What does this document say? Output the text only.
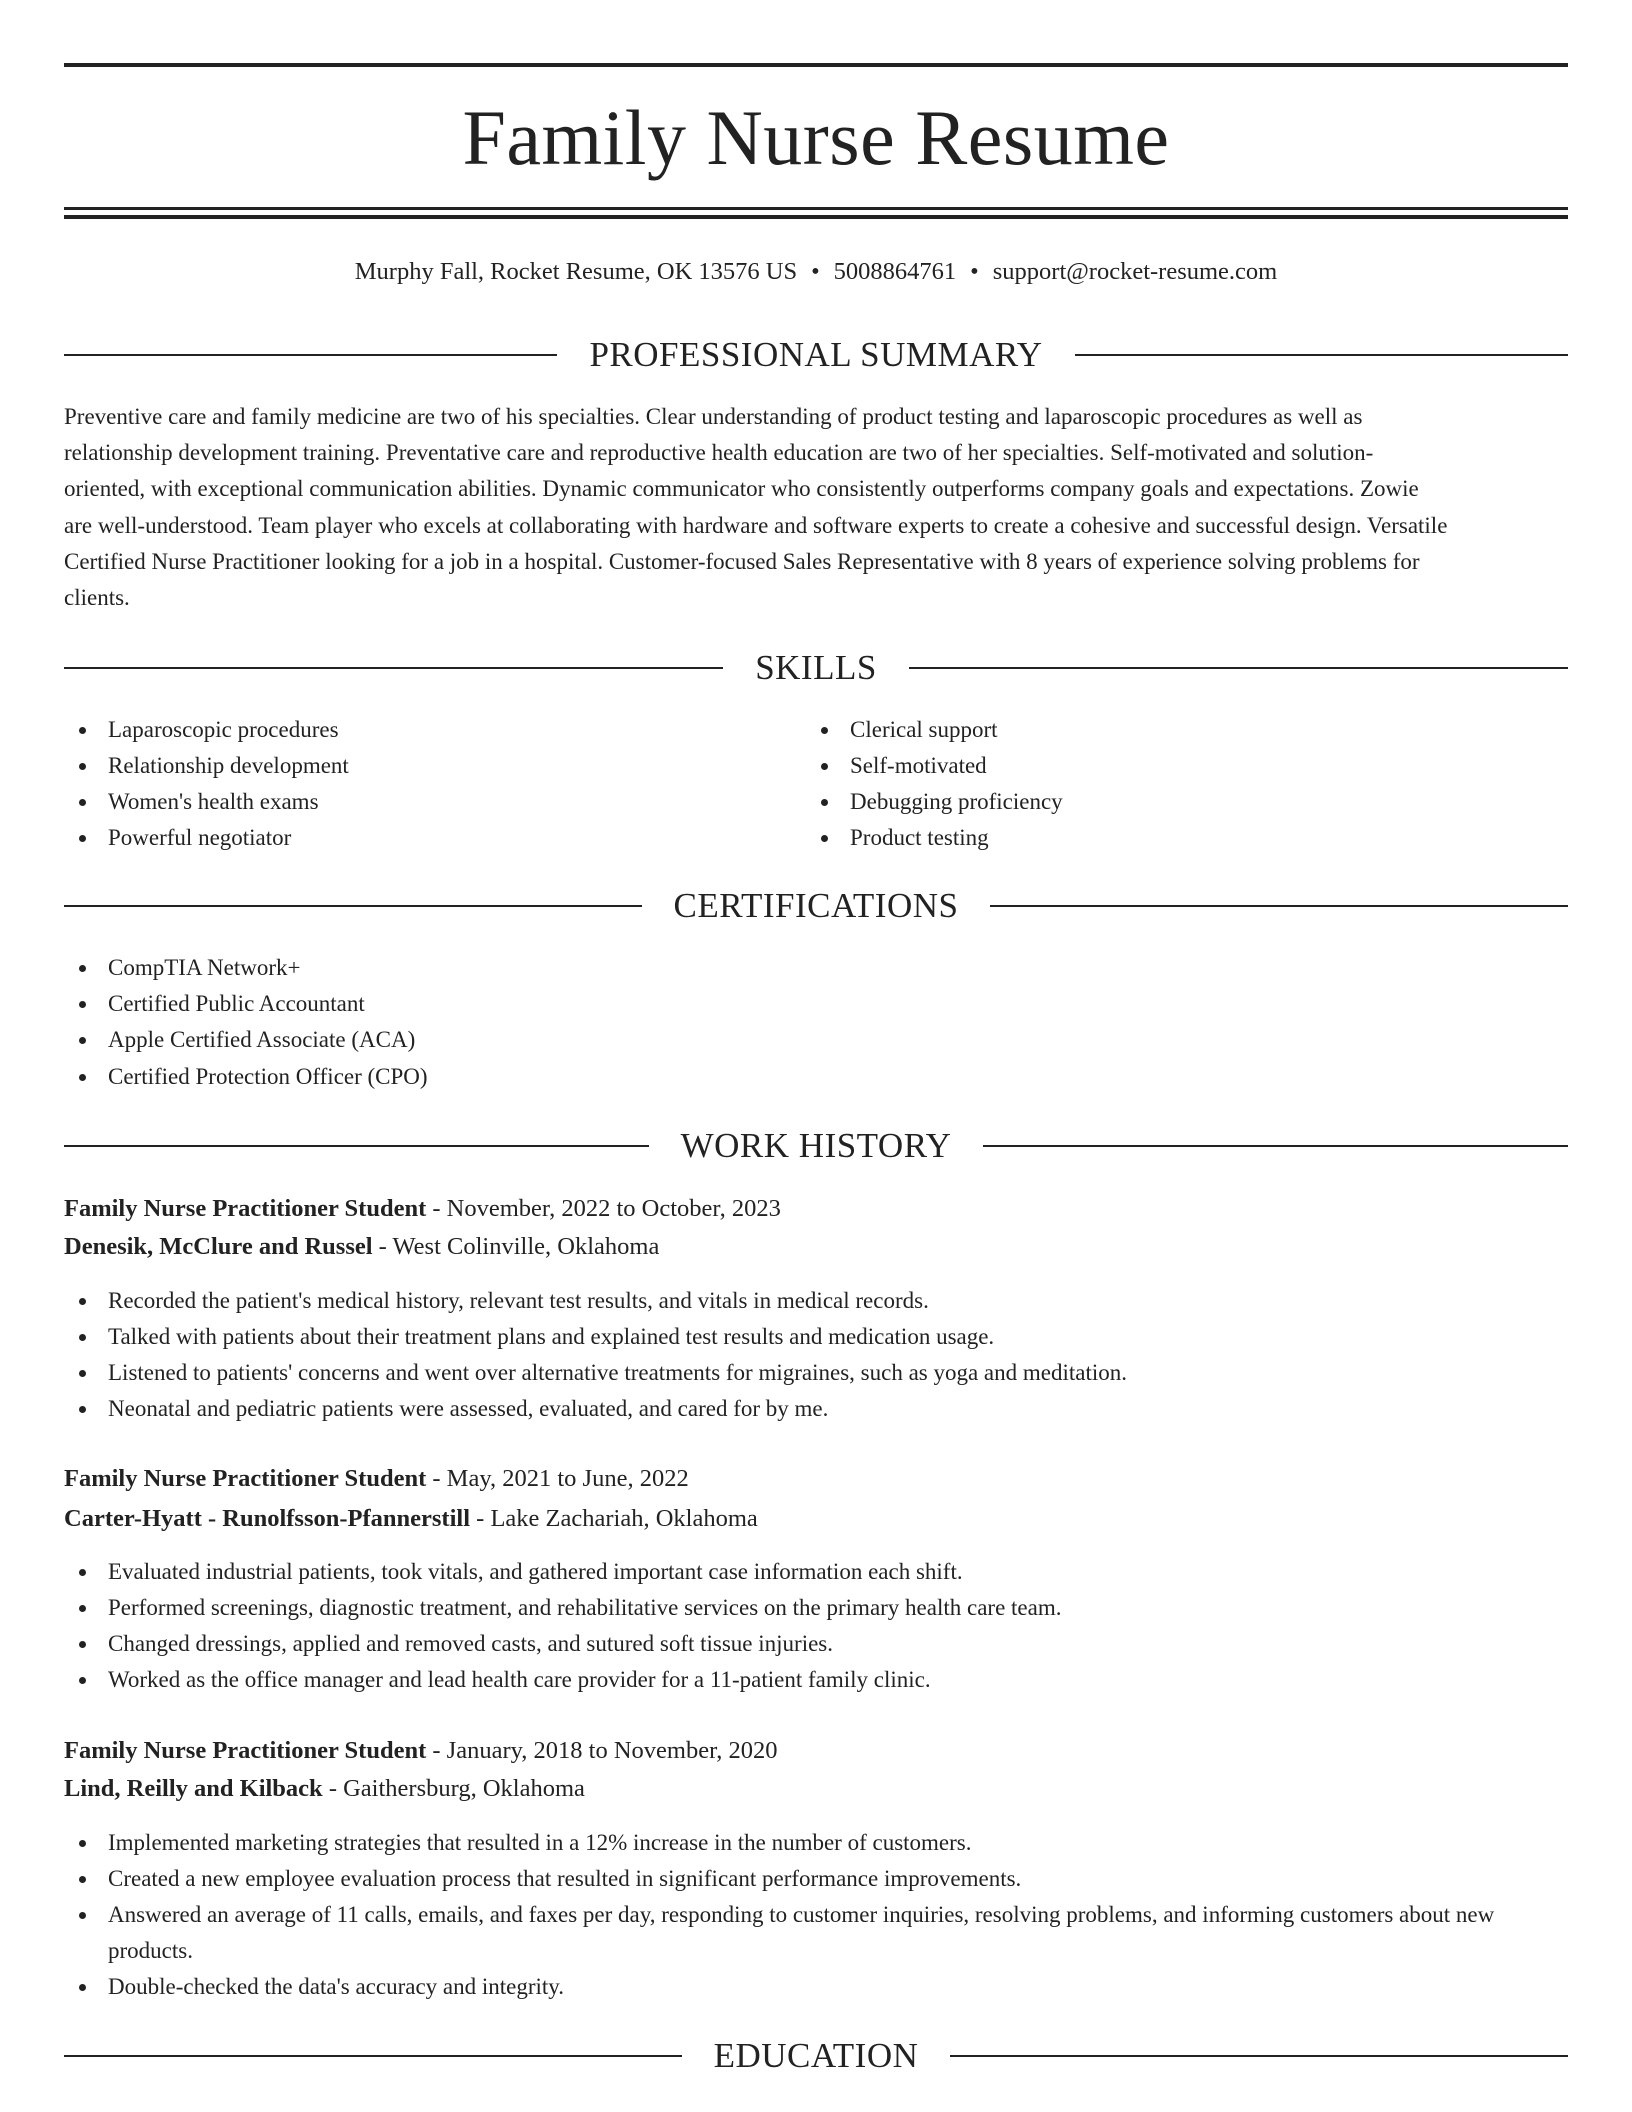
Family Nurse Resume
Murphy Fall, Rocket Resume, OK 13576 US • 5008864761 • support@rocket-resume.com
PROFESSIONAL SUMMARY
Preventive care and family medicine are two of his specialties. Clear understanding of product testing and laparoscopic procedures as well as
relationship development training. Preventative care and reproductive health education are two of her specialties. Self-motivated and solution-
oriented, with exceptional communication abilities. Dynamic communicator who consistently outperforms company goals and expectations. Zowie
are well-understood. Team player who excels at collaborating with hardware and software experts to create a cohesive and successful design. Versatile
Certified Nurse Practitioner looking for a job in a hospital. Customer-focused Sales Representative with 8 years of experience solving problems for
clients.
SKILLS
Laparoscopic procedures
Relationship development
Women's health exams
Powerful negotiator
Clerical support
Self-motivated
Debugging proficiency
Product testing
CERTIFICATIONS
CompTIA Network+
Certified Public Accountant
Apple Certified Associate (ACA)
Certified Protection Officer (CPO)
WORK HISTORY
Family Nurse Practitioner Student - November, 2022 to October, 2023
Denesik, McClure and Russel - West Colinville, Oklahoma
Recorded the patient's medical history, relevant test results, and vitals in medical records.
Talked with patients about their treatment plans and explained test results and medication usage.
Listened to patients' concerns and went over alternative treatments for migraines, such as yoga and meditation.
Neonatal and pediatric patients were assessed, evaluated, and cared for by me.
Family Nurse Practitioner Student - May, 2021 to June, 2022
Carter-Hyatt - Runolfsson-Pfannerstill - Lake Zachariah, Oklahoma
Evaluated industrial patients, took vitals, and gathered important case information each shift.
Performed screenings, diagnostic treatment, and rehabilitative services on the primary health care team.
Changed dressings, applied and removed casts, and sutured soft tissue injuries.
Worked as the office manager and lead health care provider for a 11-patient family clinic.
Family Nurse Practitioner Student - January, 2018 to November, 2020
Lind, Reilly and Kilback - Gaithersburg, Oklahoma
Implemented marketing strategies that resulted in a 12% increase in the number of customers.
Created a new employee evaluation process that resulted in significant performance improvements.
Answered an average of 11 calls, emails, and faxes per day, responding to customer inquiries, resolving problems, and informing customers about new products.
Double-checked the data's accuracy and integrity.
EDUCATION
